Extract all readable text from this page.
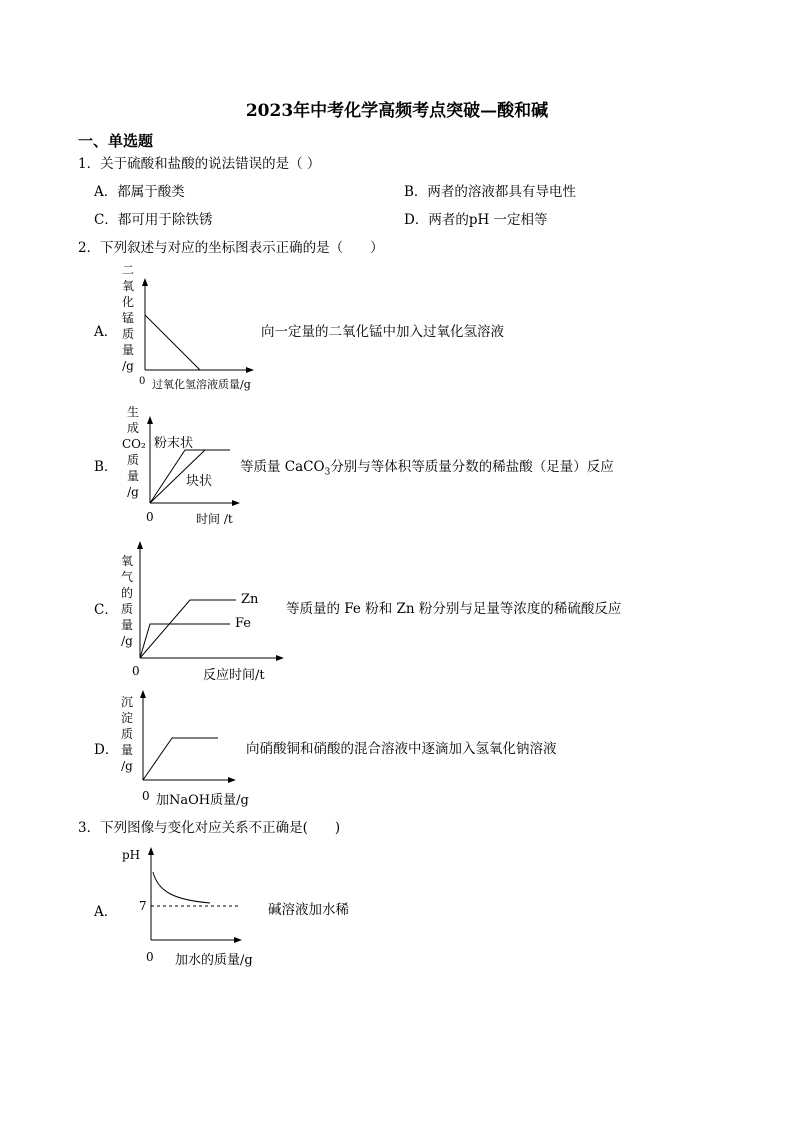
2023年中考化学高频考点突破—酸和碱
一、单选题
1．关于硫酸和盐酸的说法错误的是（ ）
A．都属于酸类	B．两者的溶液都具有导电性
C．都可用于除铁锈	D．两者的pH 一定相等
2．下列叙述与对应的坐标图表示正确的是（　　）
A．
二
氧
化
锰
质
量
/g
0 过氧化氢溶液质量/g
向一定量的二氧化锰中加入过氧化氢溶液
B．
生
成
CO₂
质
量
/g
粉末状
块状
0	时间 /t
等质量 CaCO$_3$分别与等体积等质量分数的稀盐酸（足量）反应
C．
氧
气
的
质
量
/g
Zn
Fe
0	反应时间/t
等质量的 Fe 粉和 Zn 粉分别与足量等浓度的稀硫酸反应
D．
沉
淀
质
量
/g
0 加NaOH质量/g
向硝酸铜和硝酸的混合溶液中逐滴加入氢氧化钠溶液
3．下列图像与变化对应关系不正确是(　　)
A．
pH
7
0 加水的质量/g
碱溶液加水稀
